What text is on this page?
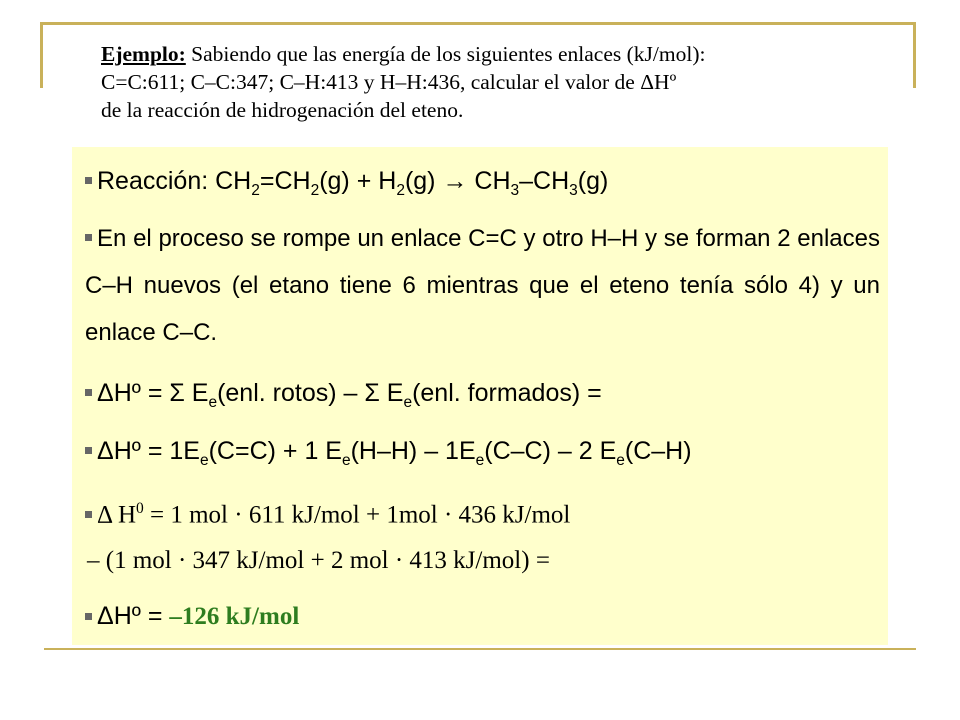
Ejemplo: Sabiendo que las energía de los siguientes enlaces (kJ/mol):
C=C:611; C–C:347; C–H:413 y H–H:436, calcular el valor de ΔHº
de la reacción de hidrogenación del eteno.
Reacción: $CH_2=CH_2(g) + H_2(g) \to CH_3-CH_3(g)$
En el proceso se rompe un enlace C=C y otro H–H y se forman 2 enlaces C–H nuevos (el etano tiene 6 mientras que el eteno tenía sólo 4) y un enlace C–C.
ΔHº = Σ $E_e(enl$. rotos) – Σ $E_e(enl$. formados) =
ΔHº = $1E_e(C=C) + 1$ $E_e(H-H) - 1E_e(C-C) - 2$ $E_e(C-H)$
Δ $H^0 = 1$ mol · 611 kJ/mol + 1mol · 436 kJ/mol
– (1 mol · 347 kJ/mol + 2 mol · 413 kJ/mol) =
ΔHº = –126 kJ/mol
